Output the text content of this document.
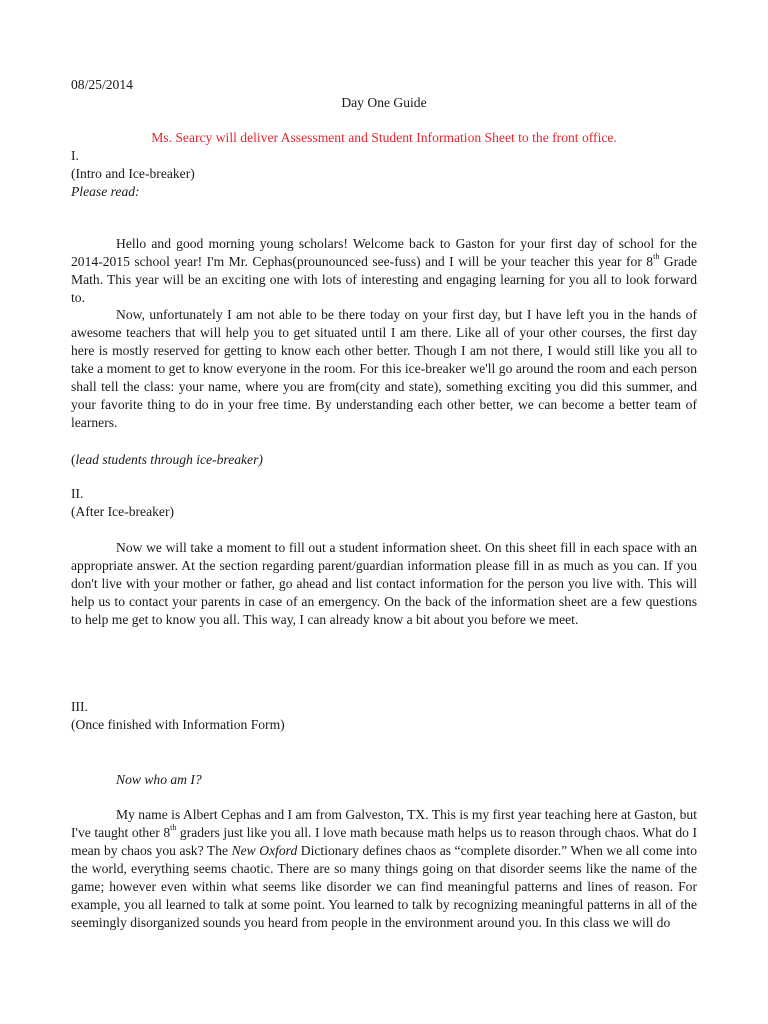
08/25/2014
Day One Guide
Ms. Searcy will deliver Assessment and Student Information Sheet to the front office.
I.
(Intro and Ice-breaker)
Please read:
Hello and good morning young scholars! Welcome back to Gaston for your first day of school for the 2014-2015 school year! I'm Mr. Cephas(prounounced see-fuss) and I will be your teacher this year for 8th Grade Math. This year will be an exciting one with lots of interesting and engaging learning for you all to look forward to.
Now, unfortunately I am not able to be there today on your first day, but I have left you in the hands of awesome teachers that will help you to get situated until I am there. Like all of your other courses, the first day here is mostly reserved for getting to know each other better. Though I am not there, I would still like you all to take a moment to get to know everyone in the room. For this ice-breaker we'll go around the room and each person shall tell the class: your name, where you are from(city and state), something exciting you did this summer, and your favorite thing to do in your free time. By understanding each other better, we can become a better team of learners.
(lead students through ice-breaker)
II.
(After Ice-breaker)
Now we will take a moment to fill out a student information sheet. On this sheet fill in each space with an appropriate answer. At the section regarding parent/guardian information please fill in as much as you can. If you don't live with your mother or father, go ahead and list contact information for the person you live with. This will help us to contact your parents in case of an emergency. On the back of the information sheet are a few questions to help me get to know you all. This way, I can already know a bit about you before we meet.
III.
(Once finished with Information Form)
Now who am I?
My name is Albert Cephas and I am from Galveston, TX. This is my first year teaching here at Gaston, but I've taught other 8th graders just like you all. I love math because math helps us to reason through chaos. What do I mean by chaos you ask? The New Oxford Dictionary defines chaos as “complete disorder.” When we all come into the world, everything seems chaotic. There are so many things going on that disorder seems like the name of the game; however even within what seems like disorder we can find meaningful patterns and lines of reason. For example, you all learned to talk at some point. You learned to talk by recognizing meaningful patterns in all of the seemingly disorganized sounds you heard from people in the environment around you. In this class we will do
